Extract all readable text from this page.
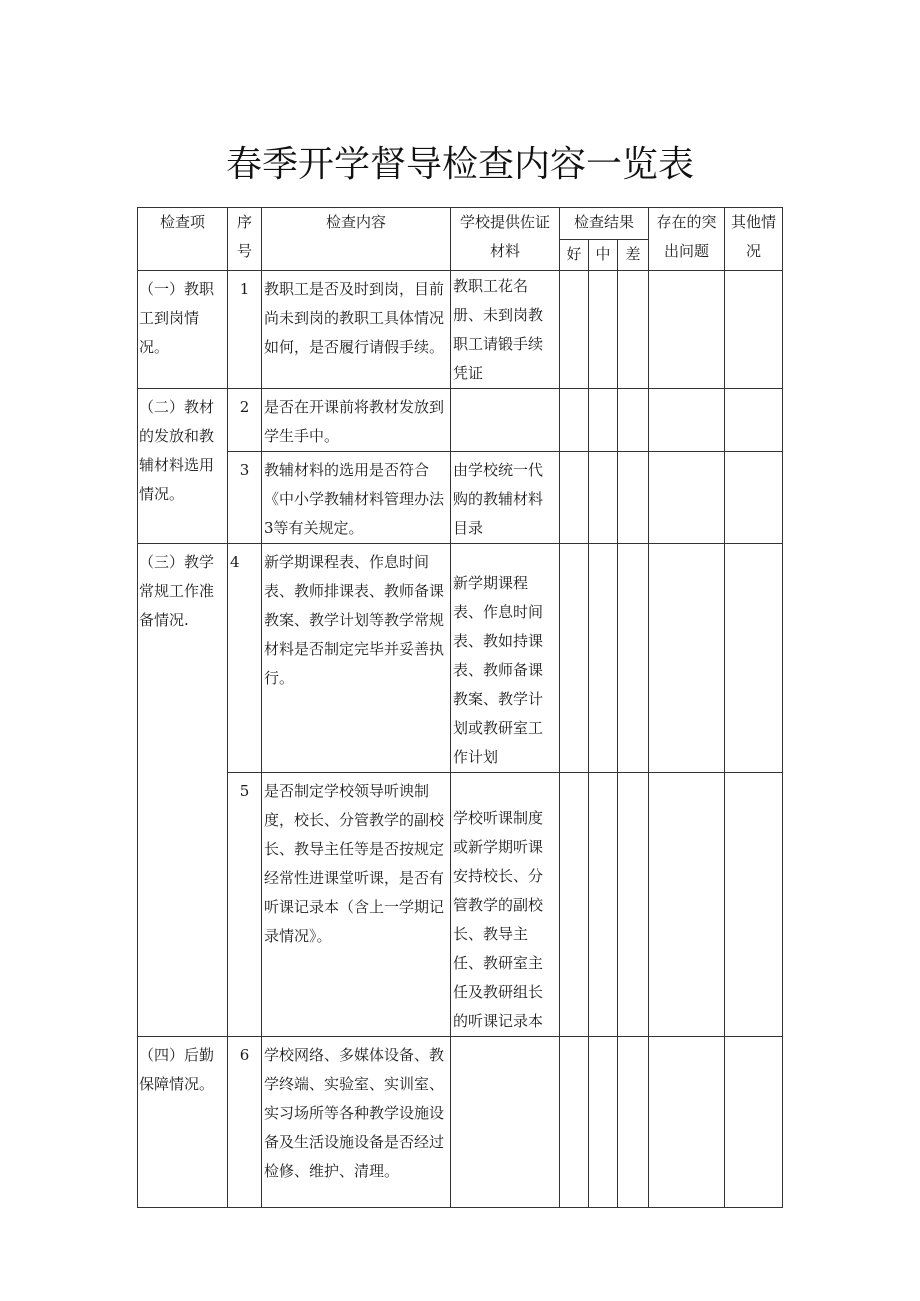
春季开学督导检查内容一览表
检查项	序号	检查内容	学校提供佐证材料	检查结果			存在的突出问题	其他情况
				好	中	差		
（一）教职工到岗情况。	1	教职工是否及时到岗，目前尚未到岗的教职工具体情况如何，是否履行请假手续。	教职工花名册、未到岗教职工请锻手续凭证					
（二）教材的发放和教辅材料选用情况。	2	是否在开课前将教材发放到学生手中。						
	3	教辅材料的选用是否符合《中小学教辅材料管理办法3等有关规定。	由学校统一代购的教辅材料目录					
（三）教学常规工作准备情况.	4	新学期课程表、作息时间表、教师排课表、教师备课教案、教学计划等教学常规材料是否制定完毕并妥善执行。	新学期课程表、作息时间表、教如持课表、教师备课教案、教学计划或教研室工作计划					
	5	是否制定学校领导听谀制度，校长、分管教学的副校长、教导主任等是否按规定经常性进课堂听课，是否有听课记录本（含上一学期记录情况》。	学校听课制度或新学期听课安持校长、分管教学的副校长、教导主任、教研室主任及教研组长的听课记录本					
（四）后勤保障情况。	6	学校网络、多媒体设备、教学终端、实验室、实训室、实习场所等各种教学设施设备及生活设施设备是否经过检修、维护、清理。						
